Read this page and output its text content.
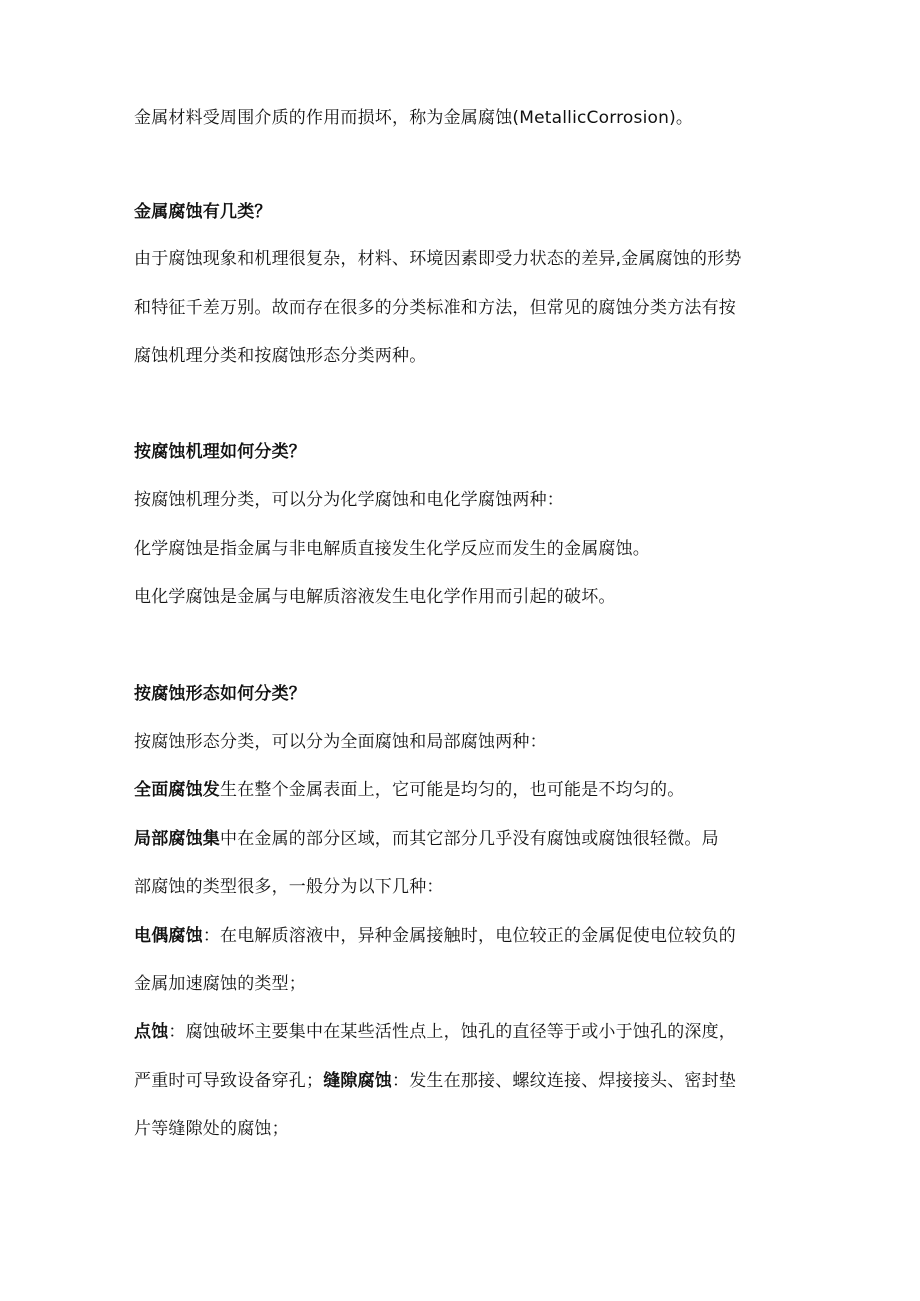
金属材料受周围介质的作用而损坏，称为金属腐蚀(MetallicCorrosion)。
金属腐蚀有几类？
由于腐蚀现象和机理很复杂，材料、环境因素即受力状态的差异,金属腐蚀的形势
和特征千差万别。故而存在很多的分类标准和方法，但常见的腐蚀分类方法有按
腐蚀机理分类和按腐蚀形态分类两种。
按腐蚀机理如何分类？
按腐蚀机理分类，可以分为化学腐蚀和电化学腐蚀两种：
化学腐蚀是指金属与非电解质直接发生化学反应而发生的金属腐蚀。
电化学腐蚀是金属与电解质溶液发生电化学作用而引起的破坏。
按腐蚀形态如何分类？
按腐蚀形态分类，可以分为全面腐蚀和局部腐蚀两种：
全面腐蚀发生在整个金属表面上，它可能是均匀的，也可能是不均匀的。
局部腐蚀集中在金属的部分区域，而其它部分几乎没有腐蚀或腐蚀很轻微。局
部腐蚀的类型很多，一般分为以下几种：
电偶腐蚀：在电解质溶液中，异种金属接触时，电位较正的金属促使电位较负的
金属加速腐蚀的类型；
点蚀：腐蚀破坏主要集中在某些活性点上，蚀孔的直径等于或小于蚀孔的深度，
严重时可导致设备穿孔；缝隙腐蚀：发生在那接、螺纹连接、焊接接头、密封垫
片等缝隙处的腐蚀；
